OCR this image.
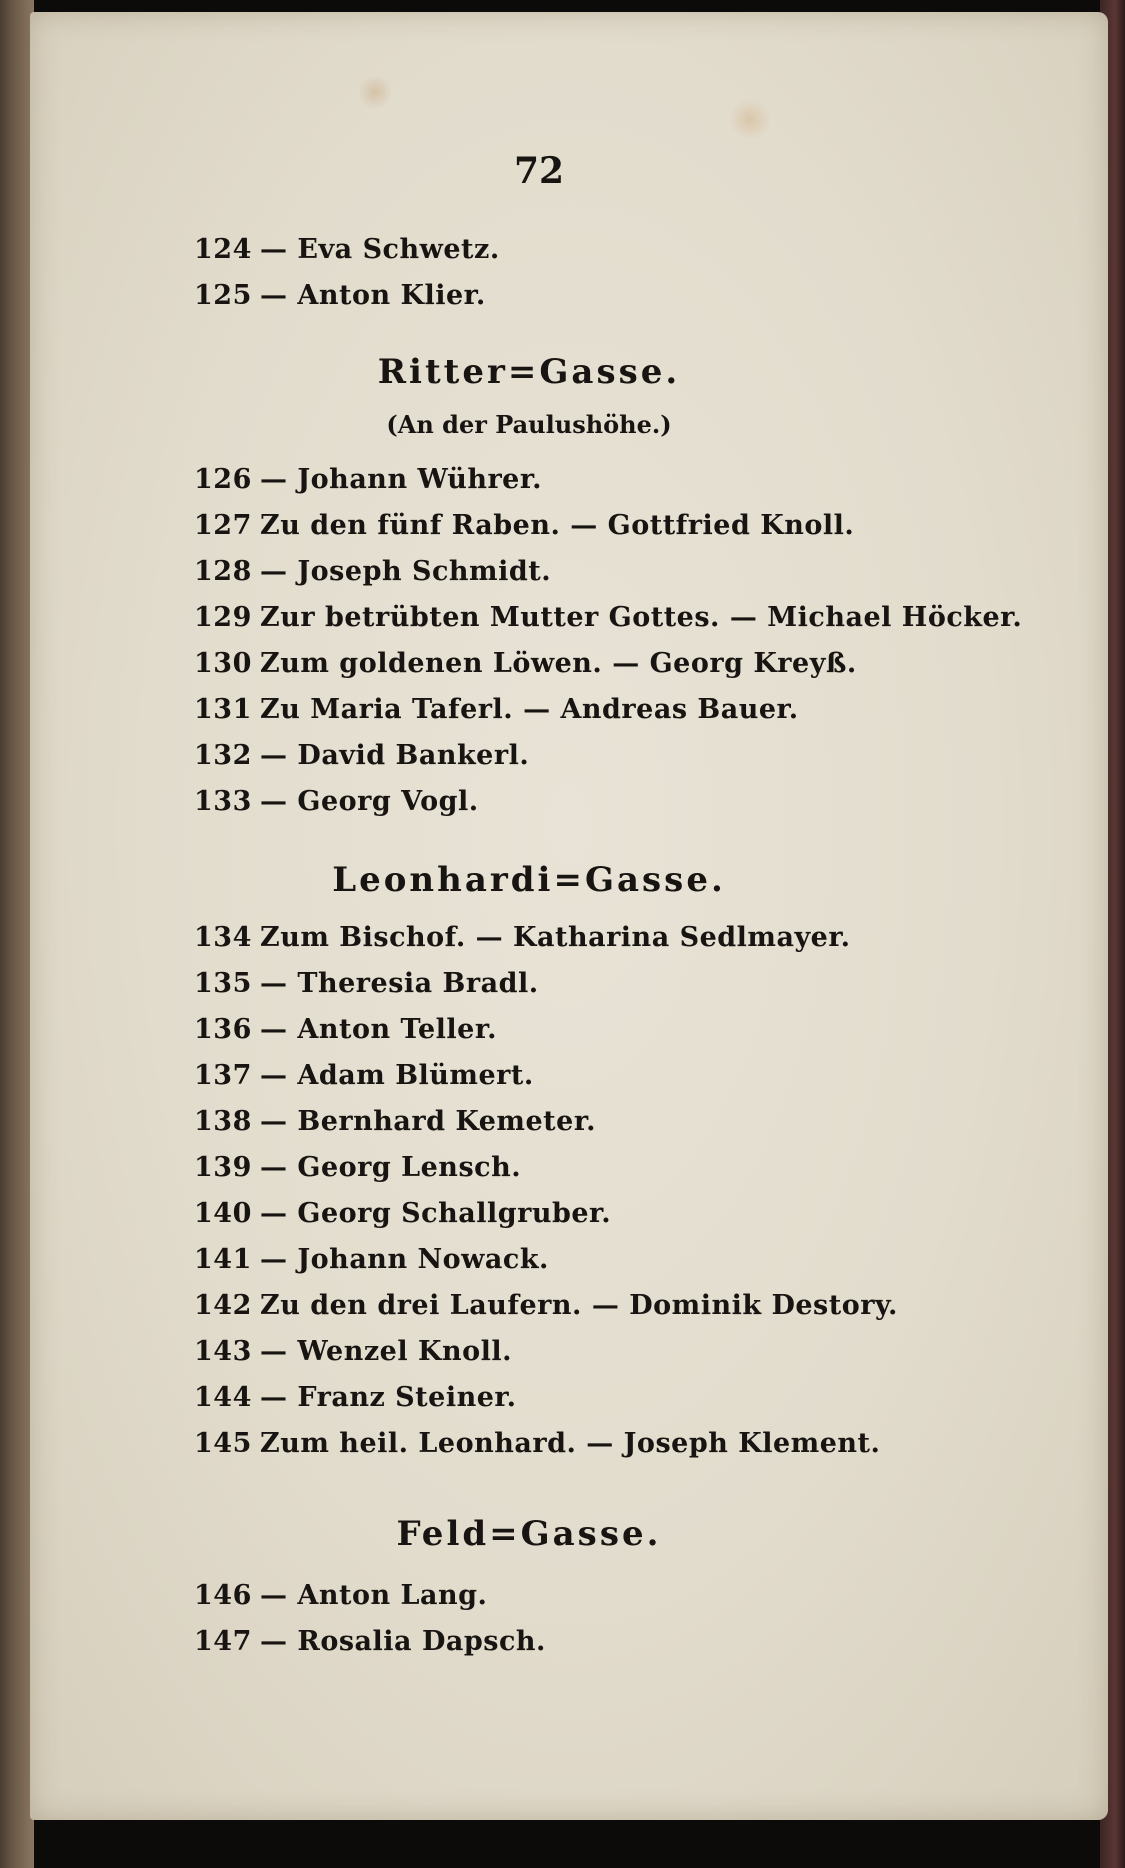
72
124 — Eva Schwetz.
125 — Anton Klier.
Ritter=Gasse.
(An der Paulushöhe.)
126 — Johann Wührer.
127 Zu den fünf Raben. — Gottfried Knoll.
128 — Joseph Schmidt.
129 Zur betrübten Mutter Gottes. — Michael Höcker.
130 Zum goldenen Löwen. — Georg Kreyß.
131 Zu Maria Taferl. — Andreas Bauer.
132 — David Bankerl.
133 — Georg Vogl.
Leonhardi=Gasse.
134 Zum Bischof. — Katharina Sedlmayer.
135 — Theresia Bradl.
136 — Anton Teller.
137 — Adam Blümert.
138 — Bernhard Kemeter.
139 — Georg Lensch.
140 — Georg Schallgruber.
141 — Johann Nowack.
142 Zu den drei Laufern. — Dominik Destory.
143 — Wenzel Knoll.
144 — Franz Steiner.
145 Zum heil. Leonhard. — Joseph Klement.
Feld=Gasse.
146 — Anton Lang.
147 — Rosalia Dapsch.
